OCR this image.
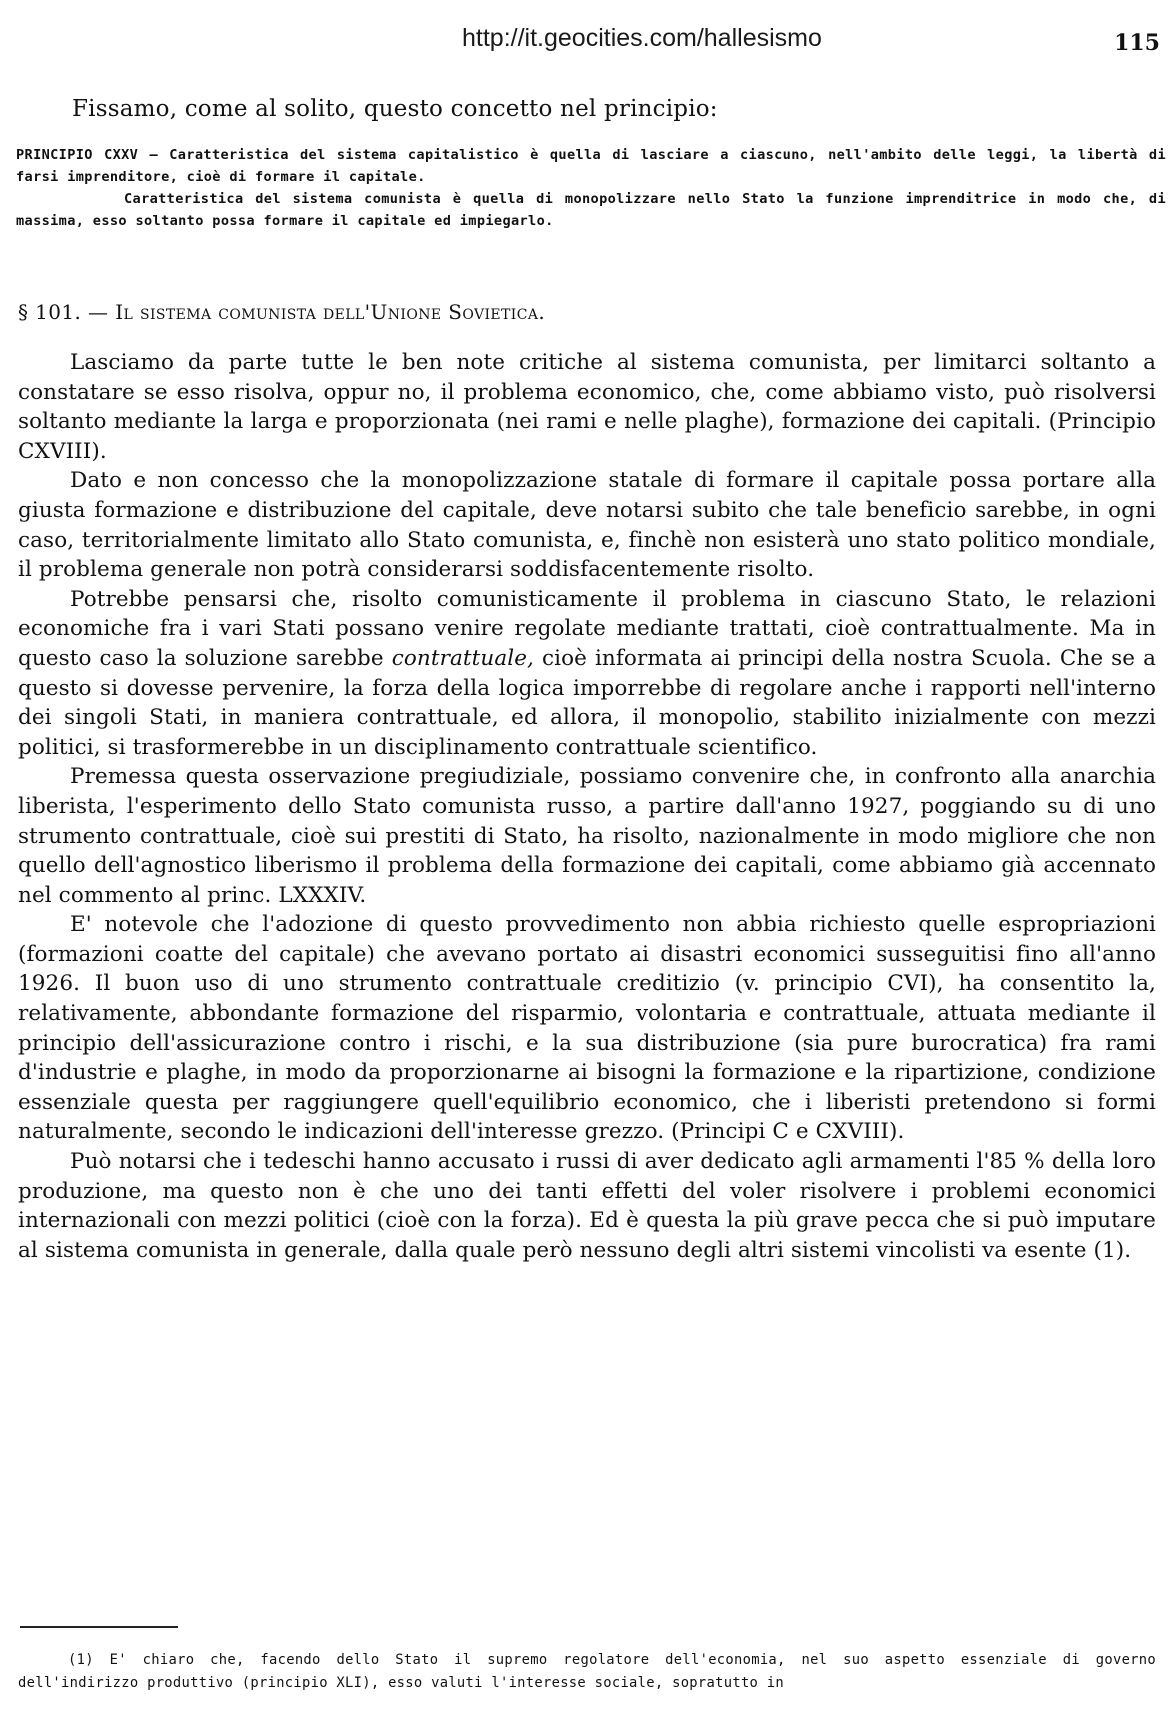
http://it.geocities.com/hallesismo	115
Fissamo, come al solito, questo concetto nel principio:

PRINCIPIO CXXV — Caratteristica del sistema capitalistico è quella di lasciare a ciascuno, nell'ambito delle leggi, la libertà di farsi imprenditore, cioè di formare il capitale.

Caratteristica del sistema comunista è quella di monopolizzare nello Stato la funzione imprenditrice in modo che, di massima, esso soltanto possa formare il capitale ed impiegarlo.

§ 101. — Il sistema comunista dell'Unione Sovietica.

Lasciamo da parte tutte le ben note critiche al sistema comunista, per limitarci soltanto a constatare se esso risolva, oppur no, il problema economico, che, come abbiamo visto, può risolversi soltanto mediante la larga e proporzionata (nei rami e nelle plaghe), formazione dei capitali. (Principio CXVIII).

Dato e non concesso che la monopolizzazione statale di formare il capitale possa portare alla giusta formazione e distribuzione del capitale, deve notarsi subito che tale beneficio sarebbe, in ogni caso, territorialmente limitato allo Stato comunista, e, finchè non esisterà uno stato politico mondiale, il problema generale non potrà considerarsi soddisfacentemente risolto.

Potrebbe pensarsi che, risolto comunisticamente il problema in ciascuno Stato, le relazioni economiche fra i vari Stati possano venire regolate mediante trattati, cioè contrattualmente. Ma in questo caso la soluzione sarebbe contrattuale, cioè informata ai principi della nostra Scuola. Che se a questo si dovesse pervenire, la forza della logica imporrebbe di regolare anche i rapporti nell'interno dei singoli Stati, in maniera contrattuale, ed allora, il monopolio, stabilito inizialmente con mezzi politici, si trasformerebbe in un disciplinamento contrattuale scientifico.

Premessa questa osservazione pregiudiziale, possiamo convenire che, in confronto alla anarchia liberista, l'esperimento dello Stato comunista russo, a partire dall'anno 1927, poggiando su di uno strumento contrattuale, cioè sui prestiti di Stato, ha risolto, nazionalmente in modo migliore che non quello dell'agnostico liberismo il problema della formazione dei capitali, come abbiamo già accennato nel commento al princ. LXXXIV.

E' notevole che l'adozione di questo provvedimento non abbia richiesto quelle espropriazioni (formazioni coatte del capitale) che avevano portato ai disastri economici susseguitisi fino all'anno 1926. Il buon uso di uno strumento contrattuale creditizio (v. principio CVI), ha consentito la, relativamente, abbondante formazione del risparmio, volontaria e contrattuale, attuata mediante il principio dell'assicurazione contro i rischi, e la sua distribuzione (sia pure burocratica) fra rami d'industrie e plaghe, in modo da proporzionarne ai bisogni la formazione e la ripartizione, condizione essenziale questa per raggiungere quell'equilibrio economico, che i liberisti pretendono si formi naturalmente, secondo le indicazioni dell'interesse grezzo. (Principi C e CXVIII).

Può notarsi che i tedeschi hanno accusato i russi di aver dedicato agli armamenti l'85 % della loro produzione, ma questo non è che uno dei tanti effetti del voler risolvere i problemi economici internazionali con mezzi politici (cioè con la forza). Ed è questa la più grave pecca che si può imputare al sistema comunista in generale, dalla quale però nessuno degli altri sistemi vincolisti va esente (1).

(1) E' chiaro che, facendo dello Stato il supremo regolatore dell'economia, nel suo aspetto essenziale di governo dell'indirizzo produttivo (principio XLI), esso valuti l'interesse sociale, sopratutto in
